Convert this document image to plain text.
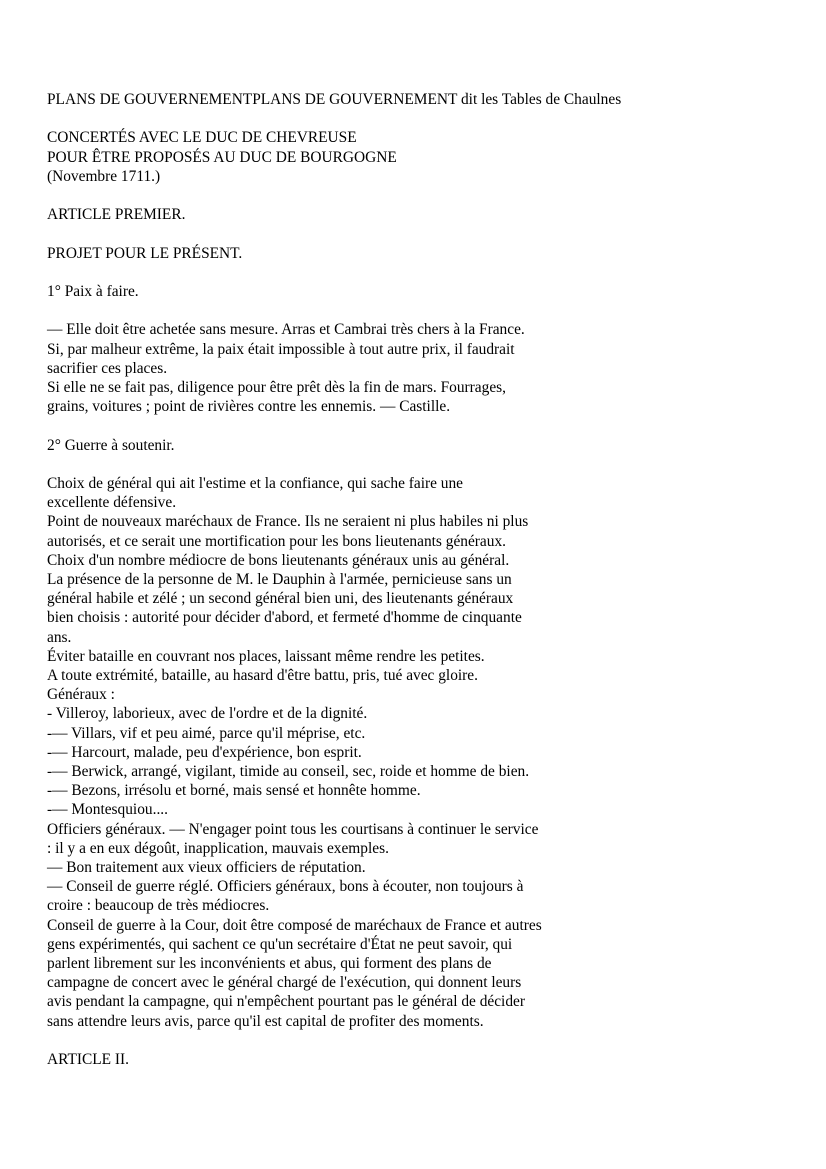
PLANS DE GOUVERNEMENTPLANS DE GOUVERNEMENT dit les Tables de Chaulnes

CONCERTÉS AVEC LE DUC DE CHEVREUSE
POUR ÊTRE PROPOSÉS AU DUC DE BOURGOGNE
(Novembre 1711.)

ARTICLE PREMIER.

PROJET POUR LE PRÉSENT.

1° Paix à faire.

— Elle doit être achetée sans mesure. Arras et Cambrai très chers à la France.
Si, par malheur extrême, la paix était impossible à tout autre prix, il faudrait
sacrifier ces places.
Si elle ne se fait pas, diligence pour être prêt dès la fin de mars. Fourrages,
grains, voitures ; point de rivières contre les ennemis. — Castille.

2° Guerre à soutenir.

Choix de général qui ait l'estime et la confiance, qui sache faire une
excellente défensive.
Point de nouveaux maréchaux de France. Ils ne seraient ni plus habiles ni plus
autorisés, et ce serait une mortification pour les bons lieutenants généraux.
Choix d'un nombre médiocre de bons lieutenants généraux unis au général.
La présence de la personne de M. le Dauphin à l'armée, pernicieuse sans un
général habile et zélé ; un second général bien uni, des lieutenants généraux
bien choisis : autorité pour décider d'abord, et fermeté d'homme de cinquante
ans.
Éviter bataille en couvrant nos places, laissant même rendre les petites.
A toute extrémité, bataille, au hasard d'être battu, pris, tué avec gloire.
Généraux :
- Villeroy, laborieux, avec de l'ordre et de la dignité.
-— Villars, vif et peu aimé, parce qu'il méprise, etc.
-— Harcourt, malade, peu d'expérience, bon esprit.
-— Berwick, arrangé, vigilant, timide au conseil, sec, roide et homme de bien.
-— Bezons, irrésolu et borné, mais sensé et honnête homme.
-— Montesquiou....
Officiers généraux. — N'engager point tous les courtisans à continuer le service
: il y a en eux dégoût, inapplication, mauvais exemples.
— Bon traitement aux vieux officiers de réputation.
— Conseil de guerre réglé. Officiers généraux, bons à écouter, non toujours à
croire : beaucoup de très médiocres.
Conseil de guerre à la Cour, doit être composé de maréchaux de France et autres
gens expérimentés, qui sachent ce qu'un secrétaire d'État ne peut savoir, qui
parlent librement sur les inconvénients et abus, qui forment des plans de
campagne de concert avec le général chargé de l'exécution, qui donnent leurs
avis pendant la campagne, qui n'empêchent pourtant pas le général de décider
sans attendre leurs avis, parce qu'il est capital de profiter des moments.

ARTICLE II.
